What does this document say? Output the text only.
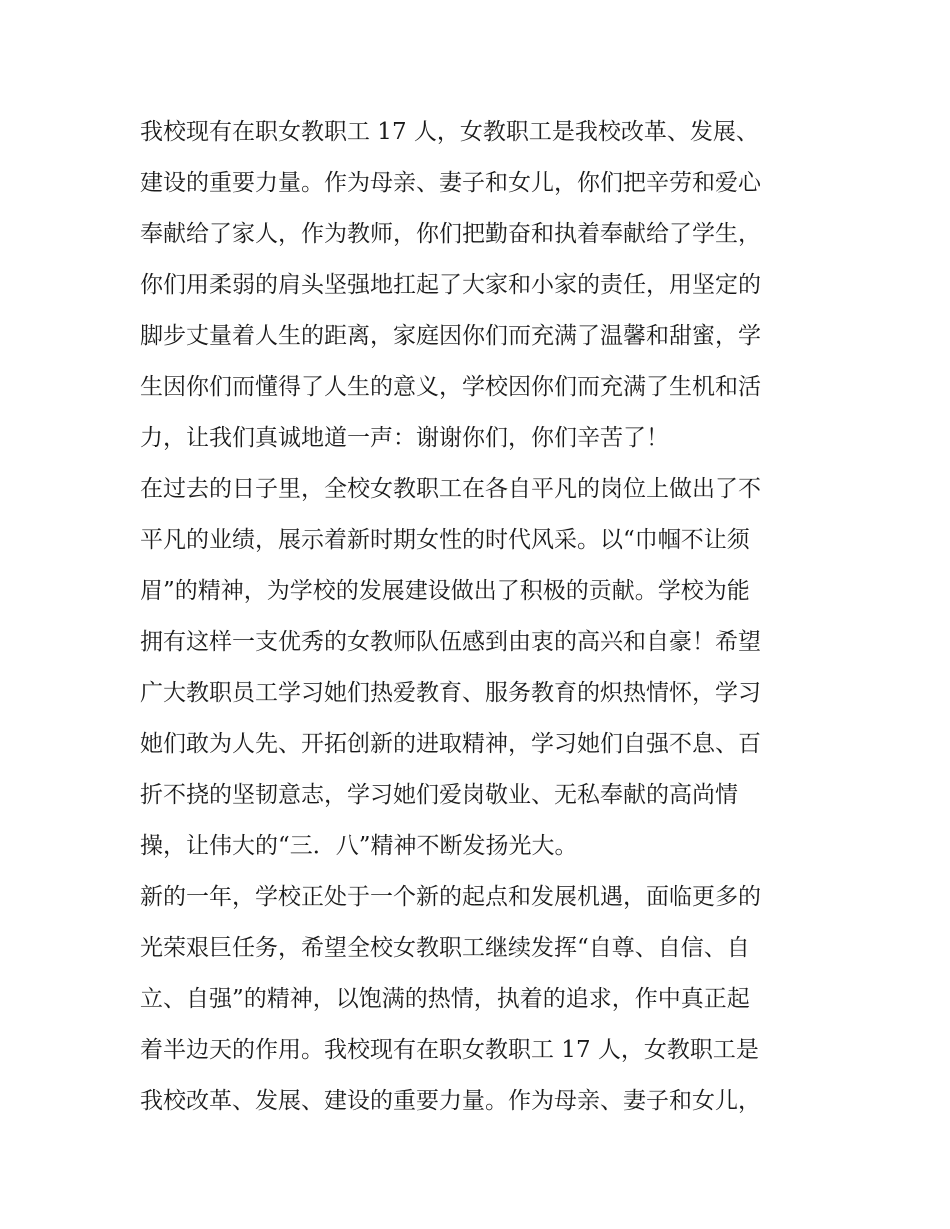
我校现有在职女教职工 17 人，女教职工是我校改革、发展、
建设的重要力量。作为母亲、妻子和女儿，你们把辛劳和爱心
奉献给了家人，作为教师，你们把勤奋和执着奉献给了学生，
你们用柔弱的肩头坚强地扛起了大家和小家的责任，用坚定的
脚步丈量着人生的距离，家庭因你们而充满了温馨和甜蜜，学
生因你们而懂得了人生的意义，学校因你们而充满了生机和活
力，让我们真诚地道一声：谢谢你们，你们辛苦了！
在过去的日子里，全校女教职工在各自平凡的岗位上做出了不
平凡的业绩，展示着新时期女性的时代风采。以“巾帼不让须
眉”的精神，为学校的发展建设做出了积极的贡献。学校为能
拥有这样一支优秀的女教师队伍感到由衷的高兴和自豪！希望
广大教职员工学习她们热爱教育、服务教育的炽热情怀，学习
她们敢为人先、开拓创新的进取精神，学习她们自强不息、百
折不挠的坚韧意志，学习她们爱岗敬业、无私奉献的高尚情
操，让伟大的“三．八”精神不断发扬光大。
新的一年，学校正处于一个新的起点和发展机遇，面临更多的
光荣艰巨任务，希望全校女教职工继续发挥“自尊、自信、自
立、自强”的精神，以饱满的热情，执着的追求，作中真正起
着半边天的作用。我校现有在职女教职工 17 人，女教职工是
我校改革、发展、建设的重要力量。作为母亲、妻子和女儿，
